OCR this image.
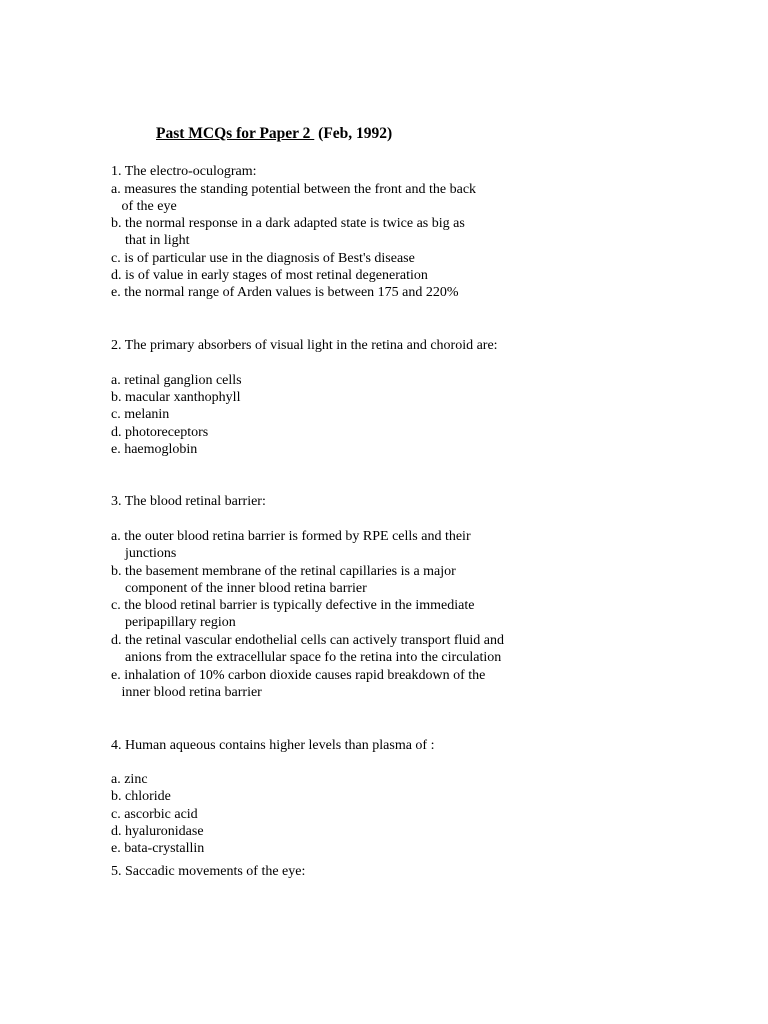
Past MCQs for Paper 2  (Feb, 1992)
1. The electro-oculogram:
a. measures the standing potential between the front and the back
of the eye
b. the normal response in a dark adapted state is twice as big as
that in light
c. is of particular use in the diagnosis of Best's disease
d. is of value in early stages of most retinal degeneration
e. the normal range of Arden values is between 175 and 220%
2. The primary absorbers of visual light in the retina and choroid are:
a. retinal ganglion cells
b. macular xanthophyll
c. melanin
d. photoreceptors
e. haemoglobin
3. The blood retinal barrier:
a. the outer blood retina barrier is formed by RPE cells and their
junctions
b. the basement membrane of the retinal capillaries is a major
component of the inner blood retina barrier
c. the blood retinal barrier is typically defective in the immediate
peripapillary region
d. the retinal vascular endothelial cells can actively transport fluid and
anions from the extracellular space fo the retina into the circulation
e. inhalation of 10% carbon dioxide causes rapid breakdown of the
inner blood retina barrier
4. Human aqueous contains higher levels than plasma of :
a. zinc
b. chloride
c. ascorbic acid
d. hyaluronidase
e. bata-crystallin
5. Saccadic movements of the eye:
